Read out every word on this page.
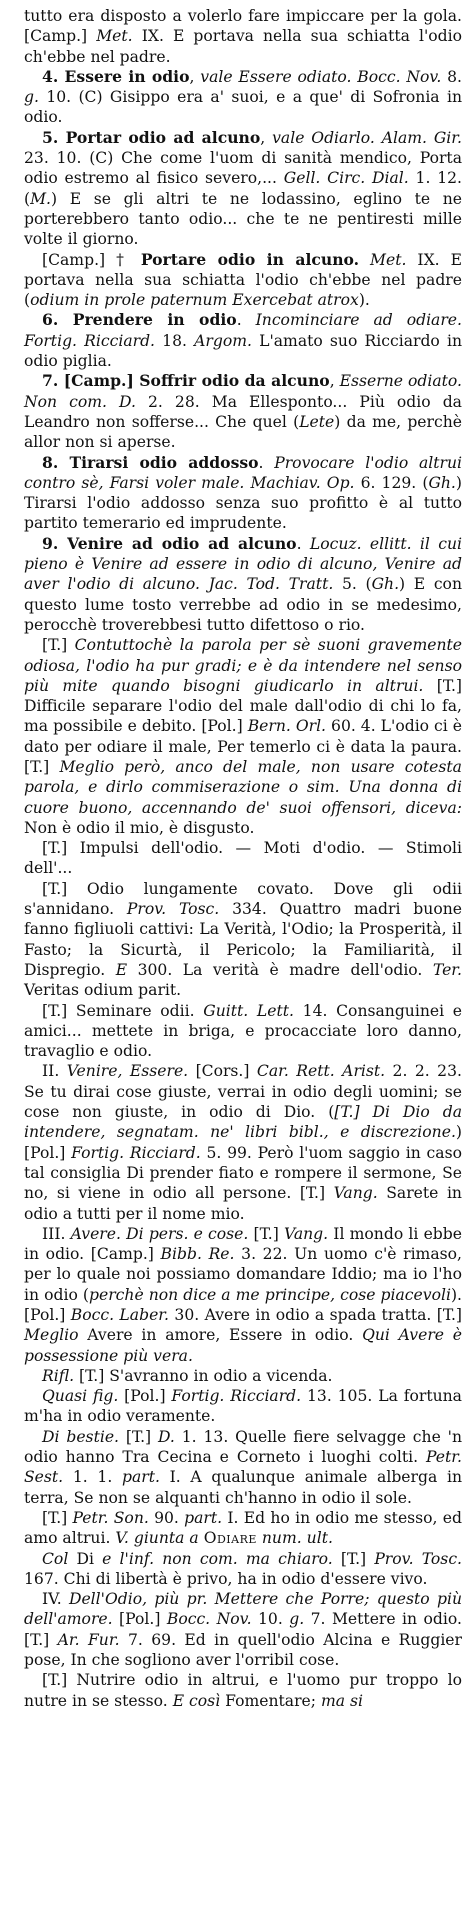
tutto era disposto a volerlo fare impiccare per la gola. [Camp.] Met. IX. E portava nella sua schiatta l'odio ch'ebbe nel padre.

4. Essere in odio, vale Essere odiato. Bocc. Nov. 8. g. 10. (C) Gisippo era a' suoi, e a que' di Sofronia in odio.

5. Portar odio ad alcuno, vale Odiarlo. Alam. Gir. 23. 10. (C) Che come l'uom di sanità mendico, Porta odio estremo al fisico severo,... Gell. Circ. Dial. 1. 12. (M.) E se gli altri te ne lodassino, eglino te ne porterebbero tanto odio... che te ne pentiresti mille volte il giorno.

[Camp.] † Portare odio in alcuno. Met. IX. E portava nella sua schiatta l'odio ch'ebbe nel padre (odium in prole paternum Exercebat atrox).

6. Prendere in odio. Incominciare ad odiare. Fortig. Ricciard. 18. Argom. L'amato suo Ricciardo in odio piglia.

7. [Camp.] Soffrir odio da alcuno, Esserne odiato. Non com. D. 2. 28. Ma Ellesponto... Più odio da Leandro non sofferse... Che quel (Lete) da me, perchè allor non si aperse.

8. Tirarsi odio addosso. Provocare l'odio altrui contro sè, Farsi voler male. Machiav. Op. 6. 129. (Gh.) Tirarsi l'odio addosso senza suo profitto è al tutto partito temerario ed imprudente.

9. Venire ad odio ad alcuno. Locuz. ellitt. il cui pieno è Venire ad essere in odio di alcuno, Venire ad aver l'odio di alcuno. Jac. Tod. Tratt. 5. (Gh.) E con questo lume tosto verrebbe ad odio in se medesimo, perocchè troverebbesi tutto difettoso o rio.

[T.] Contuttochè la parola per sè suoni gravemente odiosa, l'odio ha pur gradi; e è da intendere nel senso più mite quando bisogni giudicarlo in altrui. [T.] Difficile separare l'odio del male dall'odio di chi lo fa, ma possibile e debito. [Pol.] Bern. Orl. 60. 4. L'odio ci è dato per odiare il male, Per temerlo ci è data la paura. [T.] Meglio però, anco del male, non usare cotesta parola, e dirlo commiserazione o sim. Una donna di cuore buono, accennando de' suoi offensori, diceva: Non è odio il mio, è disgusto.

[T.] Impulsi dell'odio. — Moti d'odio. — Stimoli dell'...

[T.] Odio lungamente covato. Dove gli odii s'annidano. Prov. Tosc. 334. Quattro madri buone fanno figliuoli cattivi: La Verità, l'Odio; la Prosperità, il Fasto; la Sicurtà, il Pericolo; la Familiarità, il Dispregio. E 300. La verità è madre dell'odio. Ter. Veritas odium parit.

[T.] Seminare odii. Guitt. Lett. 14. Consanguinei e amici... mettete in briga, e procacciate loro danno, travaglio e odio.

II. Venire, Essere. [Cors.] Car. Rett. Arist. 2. 2. 23. Se tu dirai cose giuste, verrai in odio degli uomini; se cose non giuste, in odio di Dio. ([T.] Di Dio da intendere, segnatam. ne' libri bibl., e discrezione.) [Pol.] Fortig. Ricciard. 5. 99. Però l'uom saggio in caso tal consiglia Di prender fiato e rompere il sermone, Se no, si viene in odio all persone. [T.] Vang. Sarete in odio a tutti per il nome mio.

III. Avere. Di pers. e cose. [T.] Vang. Il mondo li ebbe in odio. [Camp.] Bibb. Re. 3. 22. Un uomo c'è rimaso, per lo quale noi possiamo domandare Iddio; ma io l'ho in odio (perchè non dice a me principe, cose piacevoli). [Pol.] Bocc. Laber. 30. Avere in odio a spada tratta. [T.] Meglio Avere in amore, Essere in odio. Qui Avere è possessione più vera.

Rifl. [T.] S'avranno in odio a vicenda.

Quasi fig. [Pol.] Fortig. Ricciard. 13. 105. La fortuna m'ha in odio veramente.

Di bestie. [T.] D. 1. 13. Quelle fiere selvagge che 'n odio hanno Tra Cecina e Corneto i luoghi colti. Petr. Sest. 1. 1. part. I. A qualunque animale alberga in terra, Se non se alquanti ch'hanno in odio il sole.

[T.] Petr. Son. 90. part. I. Ed ho in odio me stesso, ed amo altrui. V. giunta a Odiare num. ult.

Col Di e l'inf. non com. ma chiaro. [T.] Prov. Tosc. 167. Chi di libertà è privo, ha in odio d'essere vivo.

IV. Dell'Odio, più pr. Mettere che Porre; questo più dell'amore. [Pol.] Bocc. Nov. 10. g. 7. Mettere in odio. [T.] Ar. Fur. 7. 69. Ed in quell'odio Alcina e Ruggier pose, In che sogliono aver l'orribil cose.

[T.] Nutrire odio in altrui, e l'uomo pur troppo lo nutre in se stesso. E così Fomentare; ma si
